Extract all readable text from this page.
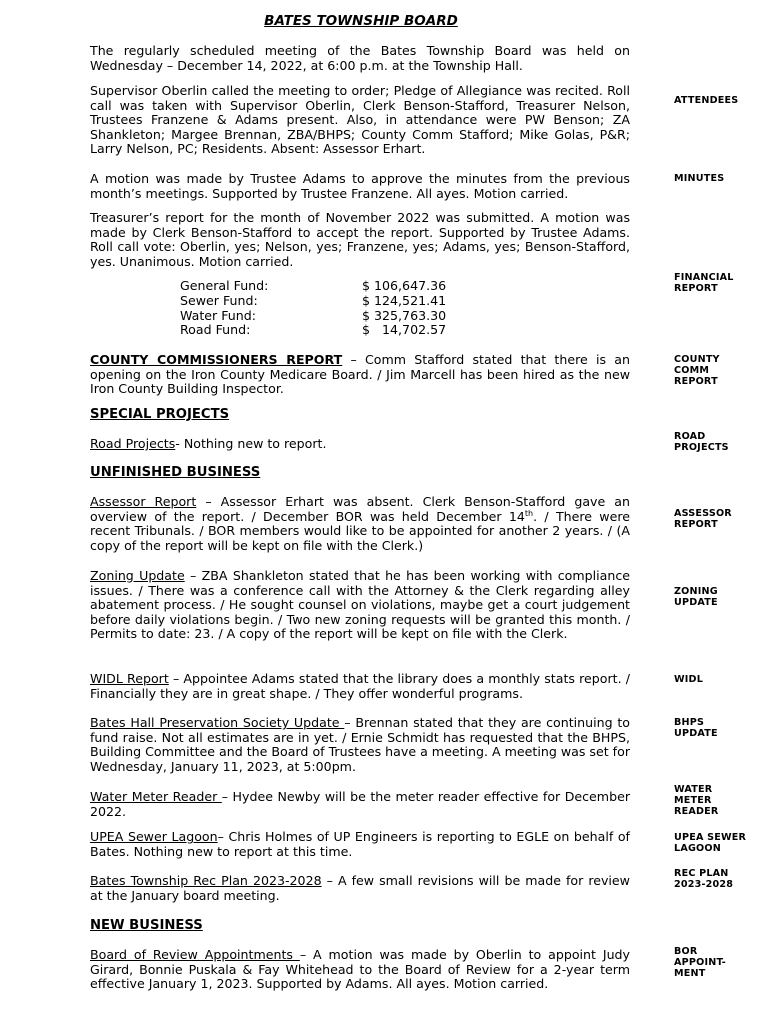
BATES TOWNSHIP BOARD
The regularly scheduled meeting of the Bates Township Board was held on Wednesday – December 14, 2022, at 6:00 p.m. at the Township Hall.
Supervisor Oberlin called the meeting to order; Pledge of Allegiance was recited. Roll call was taken with Supervisor Oberlin, Clerk Benson-Stafford, Treasurer Nelson, Trustees Franzene & Adams present. Also, in attendance were PW Benson; ZA Shankleton; Margee Brennan, ZBA/BHPS; County Comm Stafford; Mike Golas, P&R; Larry Nelson, PC; Residents. Absent: Assessor Erhart.
A motion was made by Trustee Adams to approve the minutes from the previous month’s meetings. Supported by Trustee Franzene. All ayes. Motion carried.
Treasurer’s report for the month of November 2022 was submitted. A motion was made by Clerk Benson-Stafford to accept the report. Supported by Trustee Adams. Roll call vote: Oberlin, yes; Nelson, yes; Franzene, yes; Adams, yes; Benson-Stafford, yes. Unanimous. Motion carried.
General Fund:	$ 106,647.36
Sewer Fund:	$ 124,521.41
Water Fund:	$ 325,763.30
Road Fund:	$   14,702.57
COUNTY COMMISSIONERS REPORT – Comm Stafford stated that there is an opening on the Iron County Medicare Board. / Jim Marcell has been hired as the new Iron County Building Inspector.
SPECIAL PROJECTS
Road Projects- Nothing new to report.
UNFINISHED BUSINESS
Assessor Report – Assessor Erhart was absent. Clerk Benson-Stafford gave an overview of the report. / December BOR was held December 14th. / There were recent Tribunals. / BOR members would like to be appointed for another 2 years. / (A copy of the report will be kept on file with the Clerk.)
Zoning Update – ZBA Shankleton stated that he has been working with compliance issues. / There was a conference call with the Attorney & the Clerk regarding alley abatement process. / He sought counsel on violations, maybe get a court judgement before daily violations begin. / Two new zoning requests will be granted this month. / Permits to date: 23. / A copy of the report will be kept on file with the Clerk.
WIDL Report – Appointee Adams stated that the library does a monthly stats report. / Financially they are in great shape. / They offer wonderful programs.
Bates Hall Preservation Society Update – Brennan stated that they are continuing to fund raise. Not all estimates are in yet. / Ernie Schmidt has requested that the BHPS, Building Committee and the Board of Trustees have a meeting. A meeting was set for Wednesday, January 11, 2023, at 5:00pm.
Water Meter Reader – Hydee Newby will be the meter reader effective for December 2022.
UPEA Sewer Lagoon– Chris Holmes of UP Engineers is reporting to EGLE on behalf of Bates. Nothing new to report at this time.
Bates Township Rec Plan 2023-2028 – A few small revisions will be made for review at the January board meeting.
NEW BUSINESS
Board of Review Appointments – A motion was made by Oberlin to appoint Judy Girard, Bonnie Puskala & Fay Whitehead to the Board of Review for a 2-year term effective January 1, 2023. Supported by Adams. All ayes. Motion carried.
ATTENDEES
MINUTES
FINANCIAL
REPORT
COUNTY
COMM
REPORT
ROAD
PROJECTS
ASSESSOR
REPORT
ZONING
UPDATE
WIDL
BHPS
UPDATE
WATER
METER
READER
UPEA SEWER
LAGOON
REC PLAN
2023-2028
BOR
APPOINT-
MENT
